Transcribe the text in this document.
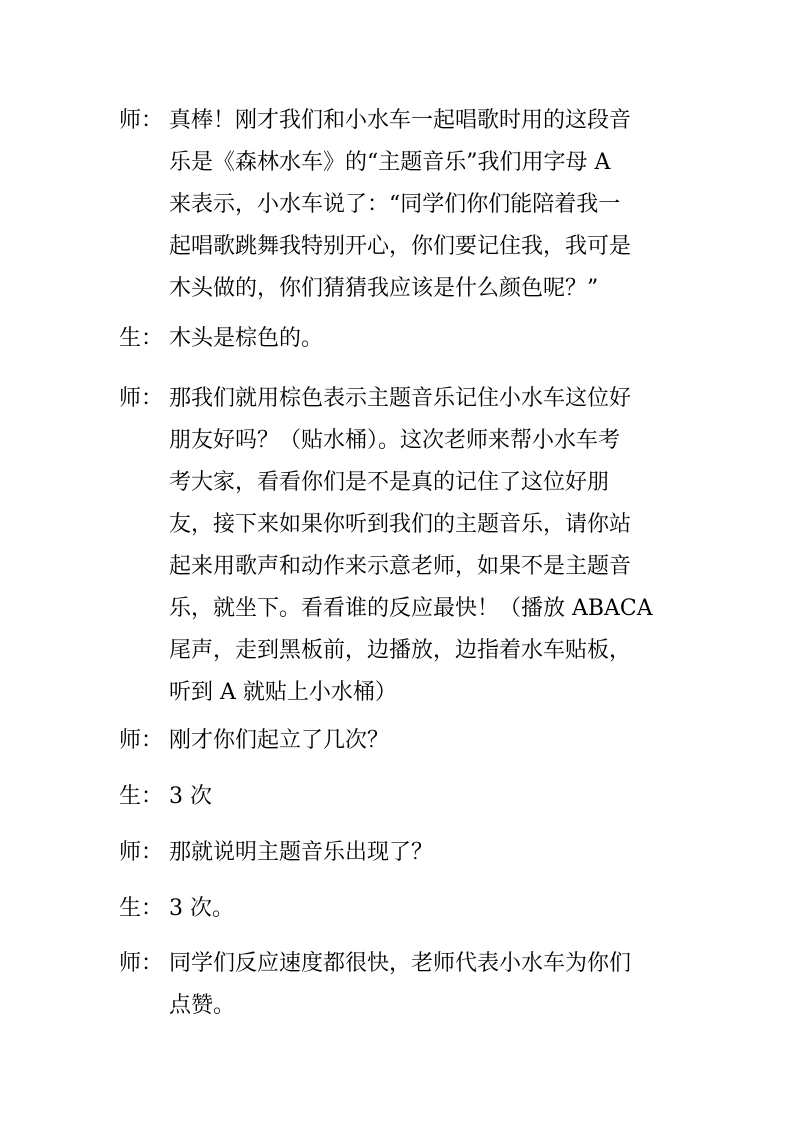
师： 真棒！刚才我们和小水车一起唱歌时用的这段音
乐是《森林水车》的“主题音乐”我们用字母 A
来表示，小水车说了：“同学们你们能陪着我一
起唱歌跳舞我特别开心，你们要记住我，我可是
木头做的，你们猜猜我应该是什么颜色呢？”
生： 木头是棕色的。
师： 那我们就用棕色表示主题音乐记住小水车这位好
朋友好吗？（贴水桶）。这次老师来帮小水车考
考大家，看看你们是不是真的记住了这位好朋
友，接下来如果你听到我们的主题音乐，请你站
起来用歌声和动作来示意老师，如果不是主题音
乐，就坐下。看看谁的反应最快！（播放 ABACA
尾声，走到黑板前，边播放，边指着水车贴板，
听到 A 就贴上小水桶）
师： 刚才你们起立了几次？
生： 3 次
师： 那就说明主题音乐出现了？
生： 3 次。
师： 同学们反应速度都很快，老师代表小水车为你们
点赞。
